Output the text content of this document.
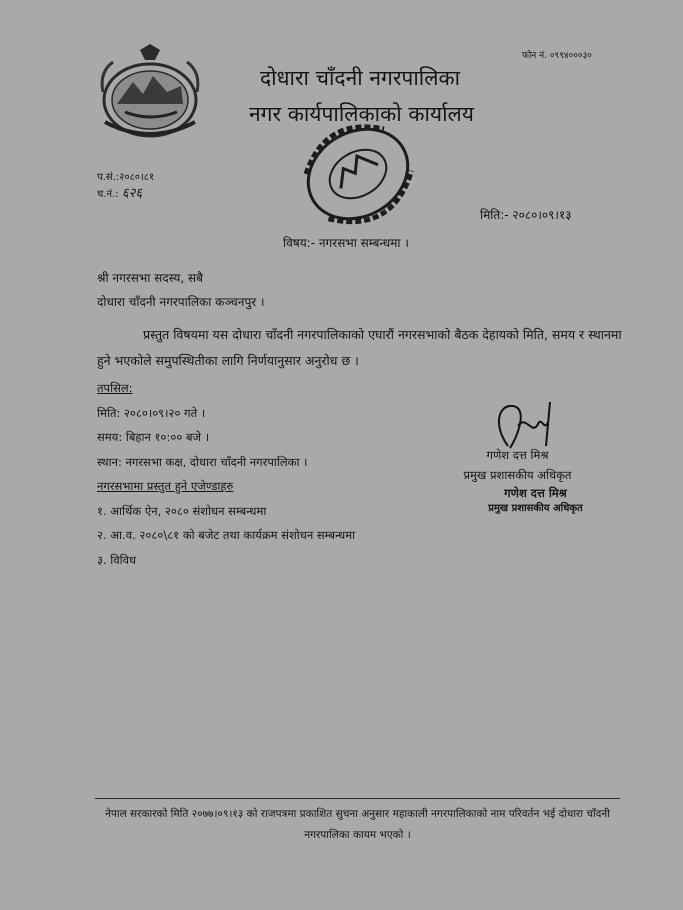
फोन नं. ०९९४०००३०
दोधारा चाँदनी नगरपालिका
नगर कार्यपालिकाको कार्यालय
प.सं.:२०८०।८१
च.नं.: ६२६
मिति:- २०८०।०९।१३
विषय:- नगरसभा सम्बन्धमा ।
श्री नगरसभा सदस्य, सबै
दोधारा चाँदनी नगरपालिका कञ्चनपुर ।
प्रस्तुत विषयमा यस दोधारा चाँदनी नगरपालिकाको एघारौं नगरसभाको बैठक देहायको मिति, समय र स्थानमा हुने भएकोले समुपस्थितीका लागि निर्णयानुसार अनुरोध छ ।
तपसिल:
मिति: २०८०।०९।२० गते ।
समय: बिहान १०:०० बजे ।
स्थान: नगरसभा कक्ष, दोधारा चाँदनी नगरपालिका ।
नगरसभामा प्रस्तुत हुने एजेण्डाहरु
१. आर्थिक ऐन, २०८० संशोधन सम्बन्धमा
२. आ.व. २०८०\८१ को बजेट तथा कार्यक्रम संशोधन सम्बन्धमा
३. विविध
गणेश दत्त मिश्र
प्रमुख प्रशासकीय अधिकृत
गणेश दत्त मिश्र
प्रमुख प्रशासकीय अधिकृत
नेपाल सरकारको मिति २०७७।०९।१३ को राजपत्रमा प्रकाशित सुचना अनुसार महाकाली नगरपालिकाको नाम परिवर्तन भई दोधारा चाँदनी नगरपालिका कायम भएको ।
